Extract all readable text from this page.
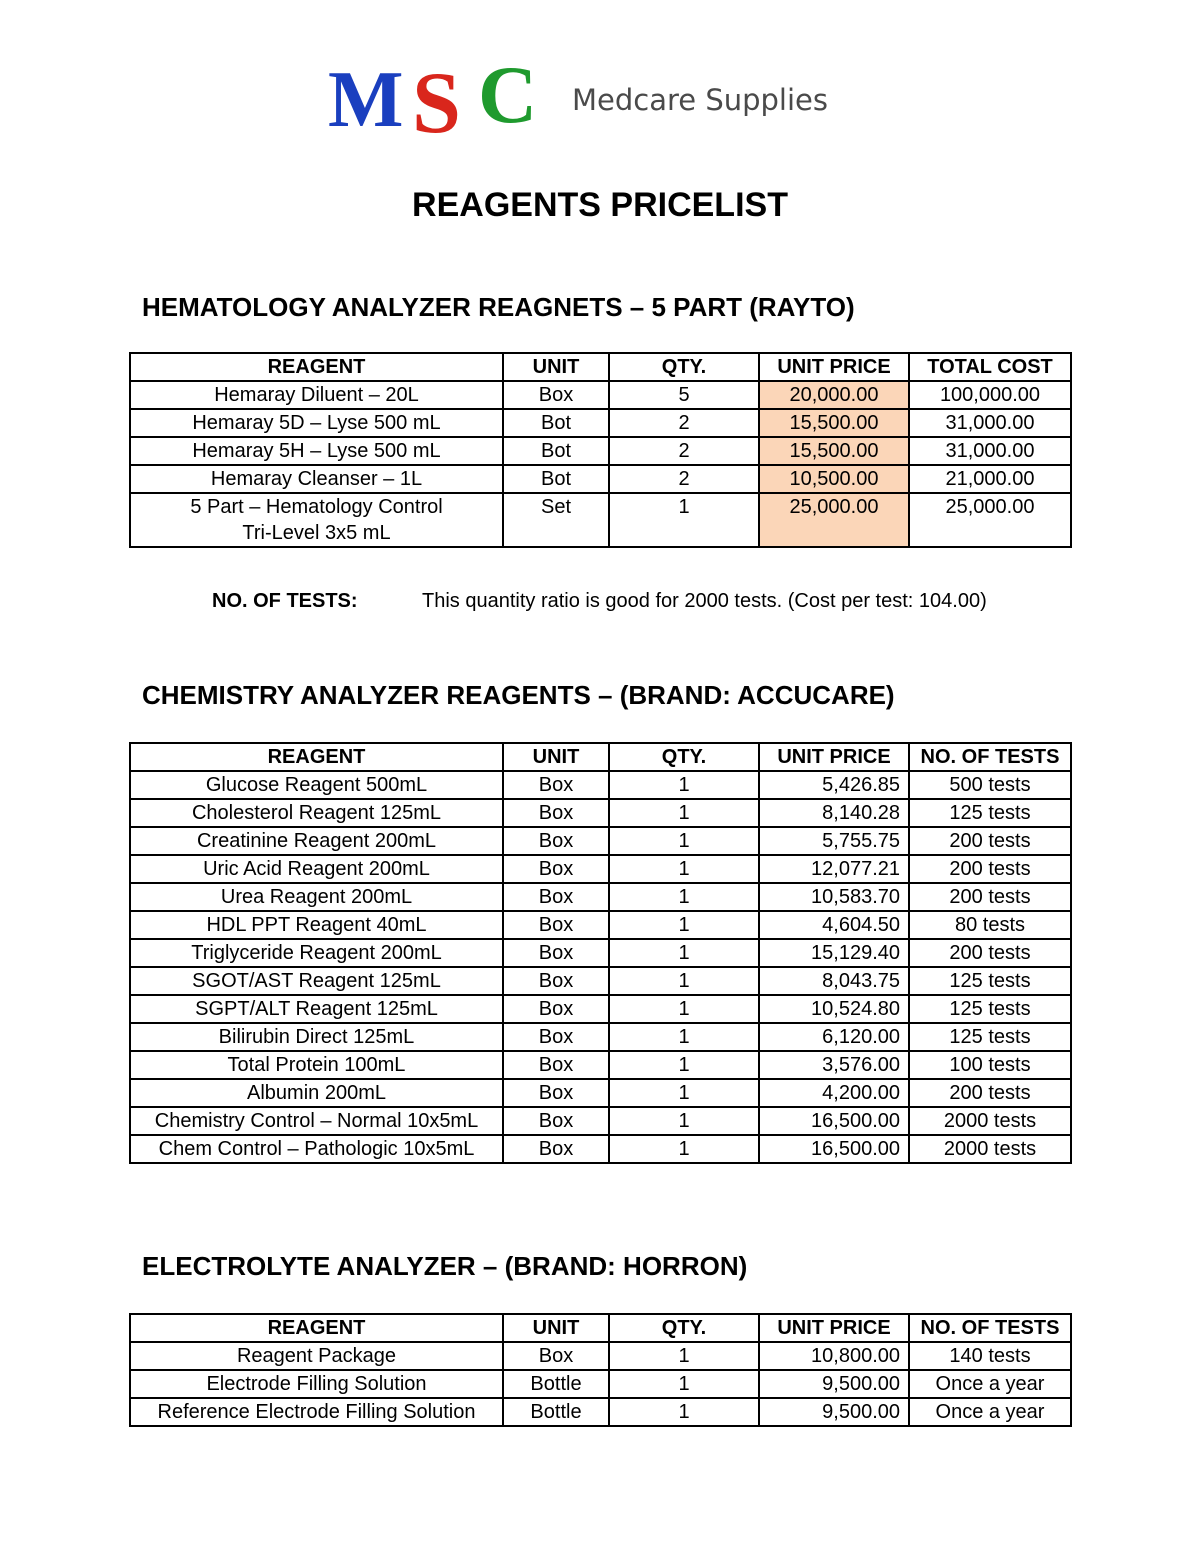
M S C Medcare Supplies
REAGENTS PRICELIST
HEMATOLOGY ANALYZER REAGNETS – 5 PART (RAYTO)
REAGENT	UNIT	QTY.	UNIT PRICE	TOTAL COST
Hemaray Diluent – 20L	Box	5	20,000.00	100,000.00
Hemaray 5D – Lyse 500 mL	Bot	2	15,500.00	31,000.00
Hemaray 5H – Lyse 500 mL	Bot	2	15,500.00	31,000.00
Hemaray Cleanser – 1L	Bot	2	10,500.00	21,000.00

5 Part – Hematology Control
Tri-Level 3x5 mL	Set	1	25,000.00	25,000.00
NO. OF TESTS:	This quantity ratio is good for 2000 tests. (Cost per test: 104.00)
CHEMISTRY ANALYZER REAGENTS – (BRAND: ACCUCARE)
REAGENT	UNIT	QTY.	UNIT PRICE	NO. OF TESTS
Glucose Reagent 500mL	Box	1	5,426.85	500 tests
Cholesterol Reagent 125mL	Box	1	8,140.28	125 tests
Creatinine Reagent 200mL	Box	1	5,755.75	200 tests
Uric Acid Reagent 200mL	Box	1	12,077.21	200 tests
Urea Reagent 200mL	Box	1	10,583.70	200 tests
HDL PPT Reagent 40mL	Box	1	4,604.50	80 tests
Triglyceride Reagent 200mL	Box	1	15,129.40	200 tests
SGOT/AST Reagent 125mL	Box	1	8,043.75	125 tests
SGPT/ALT Reagent 125mL	Box	1	10,524.80	125 tests
Bilirubin Direct 125mL	Box	1	6,120.00	125 tests
Total Protein 100mL	Box	1	3,576.00	100 tests
Albumin 200mL	Box	1	4,200.00	200 tests
Chemistry Control – Normal 10x5mL	Box	1	16,500.00	2000 tests
Chem Control – Pathologic 10x5mL	Box	1	16,500.00	2000 tests
ELECTROLYTE ANALYZER – (BRAND: HORRON)
REAGENT	UNIT	QTY.	UNIT PRICE	NO. OF TESTS
Reagent Package	Box	1	10,800.00	140 tests
Electrode Filling Solution	Bottle	1	9,500.00	Once a year
Reference Electrode Filling Solution	Bottle	1	9,500.00	Once a year
